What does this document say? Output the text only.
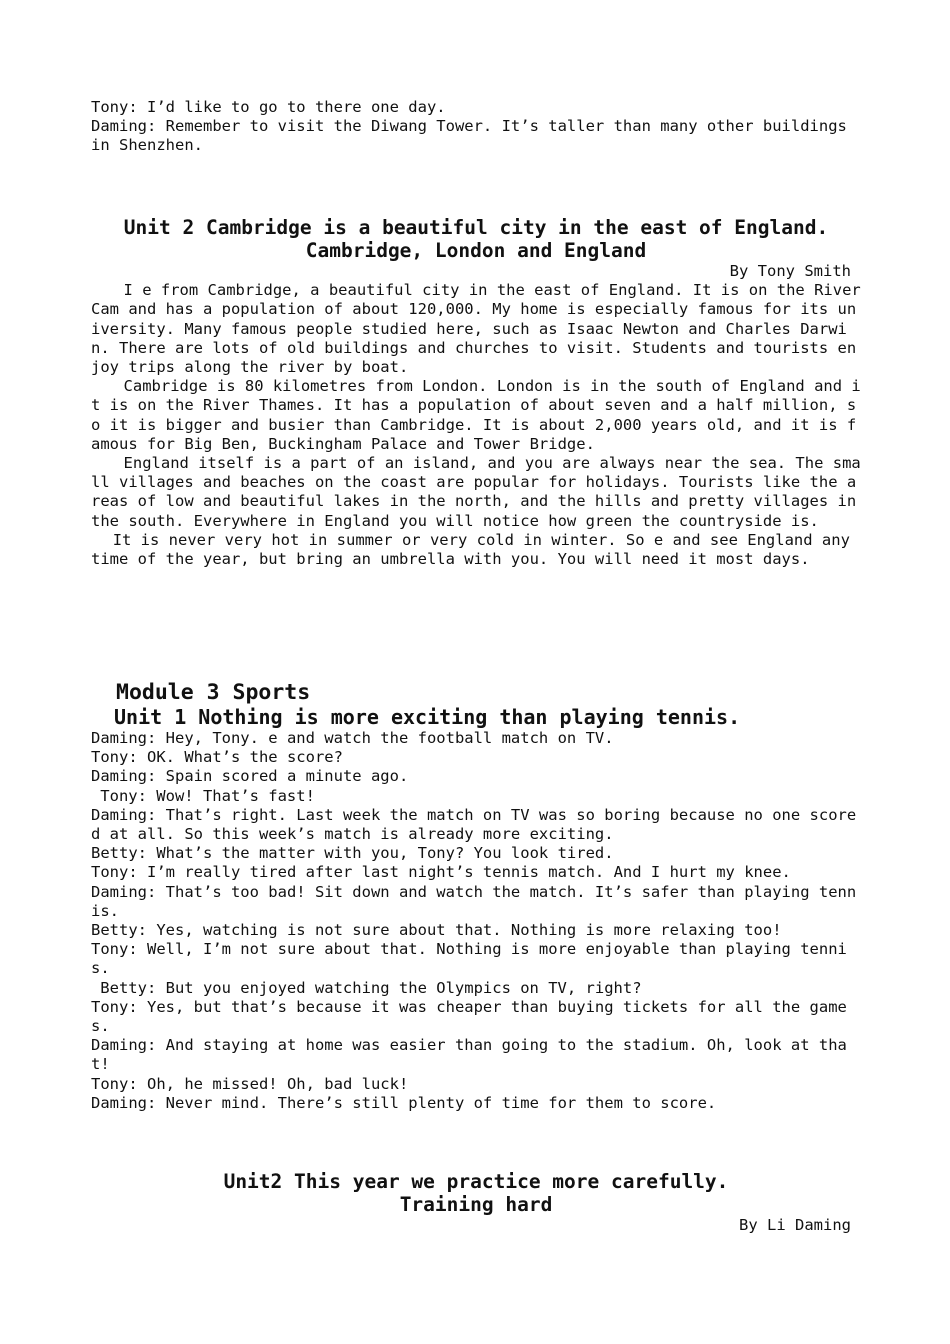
Tony: I’d like to go to there one day.

Daming: Remember to visit the Diwang Tower. It’s taller than many other buildings in Shenzhen.

Unit 2 Cambridge is a beautiful city in the east of England.

Cambridge, London and England

By Tony Smith

I e from Cambridge, a beautiful city in the east of England. It is on the River Cam and has a population of about 120,000. My home is especially famous for its university. Many famous people studied here, such as Isaac Newton and Charles Darwin. There are lots of old buildings and churches to visit. Students and tourists enjoy trips along the river by boat.

Cambridge is 80 kilometres from London. London is in the south of England and it is on the River Thames. It has a population of about seven and a half million, so it is bigger and busier than Cambridge. It is about 2,000 years old, and it is famous for Big Ben, Buckingham Palace and Tower Bridge.

England itself is a part of an island, and you are always near the sea. The small villages and beaches on the coast are popular for holidays. Tourists like the areas of low and beautiful lakes in the north, and the hills and pretty villages in the south. Everywhere in England you will notice how green the countryside is.

It is never very hot in summer or very cold in winter. So e and see England any time of the year, but bring an umbrella with you. You will need it most days.

Module 3 Sports

Unit 1 Nothing is more exciting than playing tennis.

Daming: Hey, Tony. e and watch the football match on TV.

Tony: OK. What’s the score?

Daming: Spain scored a minute ago.

Tony: Wow! That’s fast!

Daming: That’s right. Last week the match on TV was so boring because no one scored at all. So this week’s match is already more exciting.

Betty: What’s the matter with you, Tony? You look tired.

Tony: I’m really tired after last night’s tennis match. And I hurt my knee.

Daming: That’s too bad! Sit down and watch the match. It’s safer than playing tennis.

Betty: Yes, watching is not sure about that. Nothing is more relaxing too!

Tony: Well, I’m not sure about that. Nothing is more enjoyable than playing tennis.

Betty: But you enjoyed watching the Olympics on TV, right?

Tony: Yes, but that’s because it was cheaper than buying tickets for all the games.

Daming: And staying at home was easier than going to the stadium. Oh, look at that!

Tony: Oh, he missed! Oh, bad luck!

Daming: Never mind. There’s still plenty of time for them to score.

Unit2 This year we practice more carefully.

Training hard

By Li Daming
